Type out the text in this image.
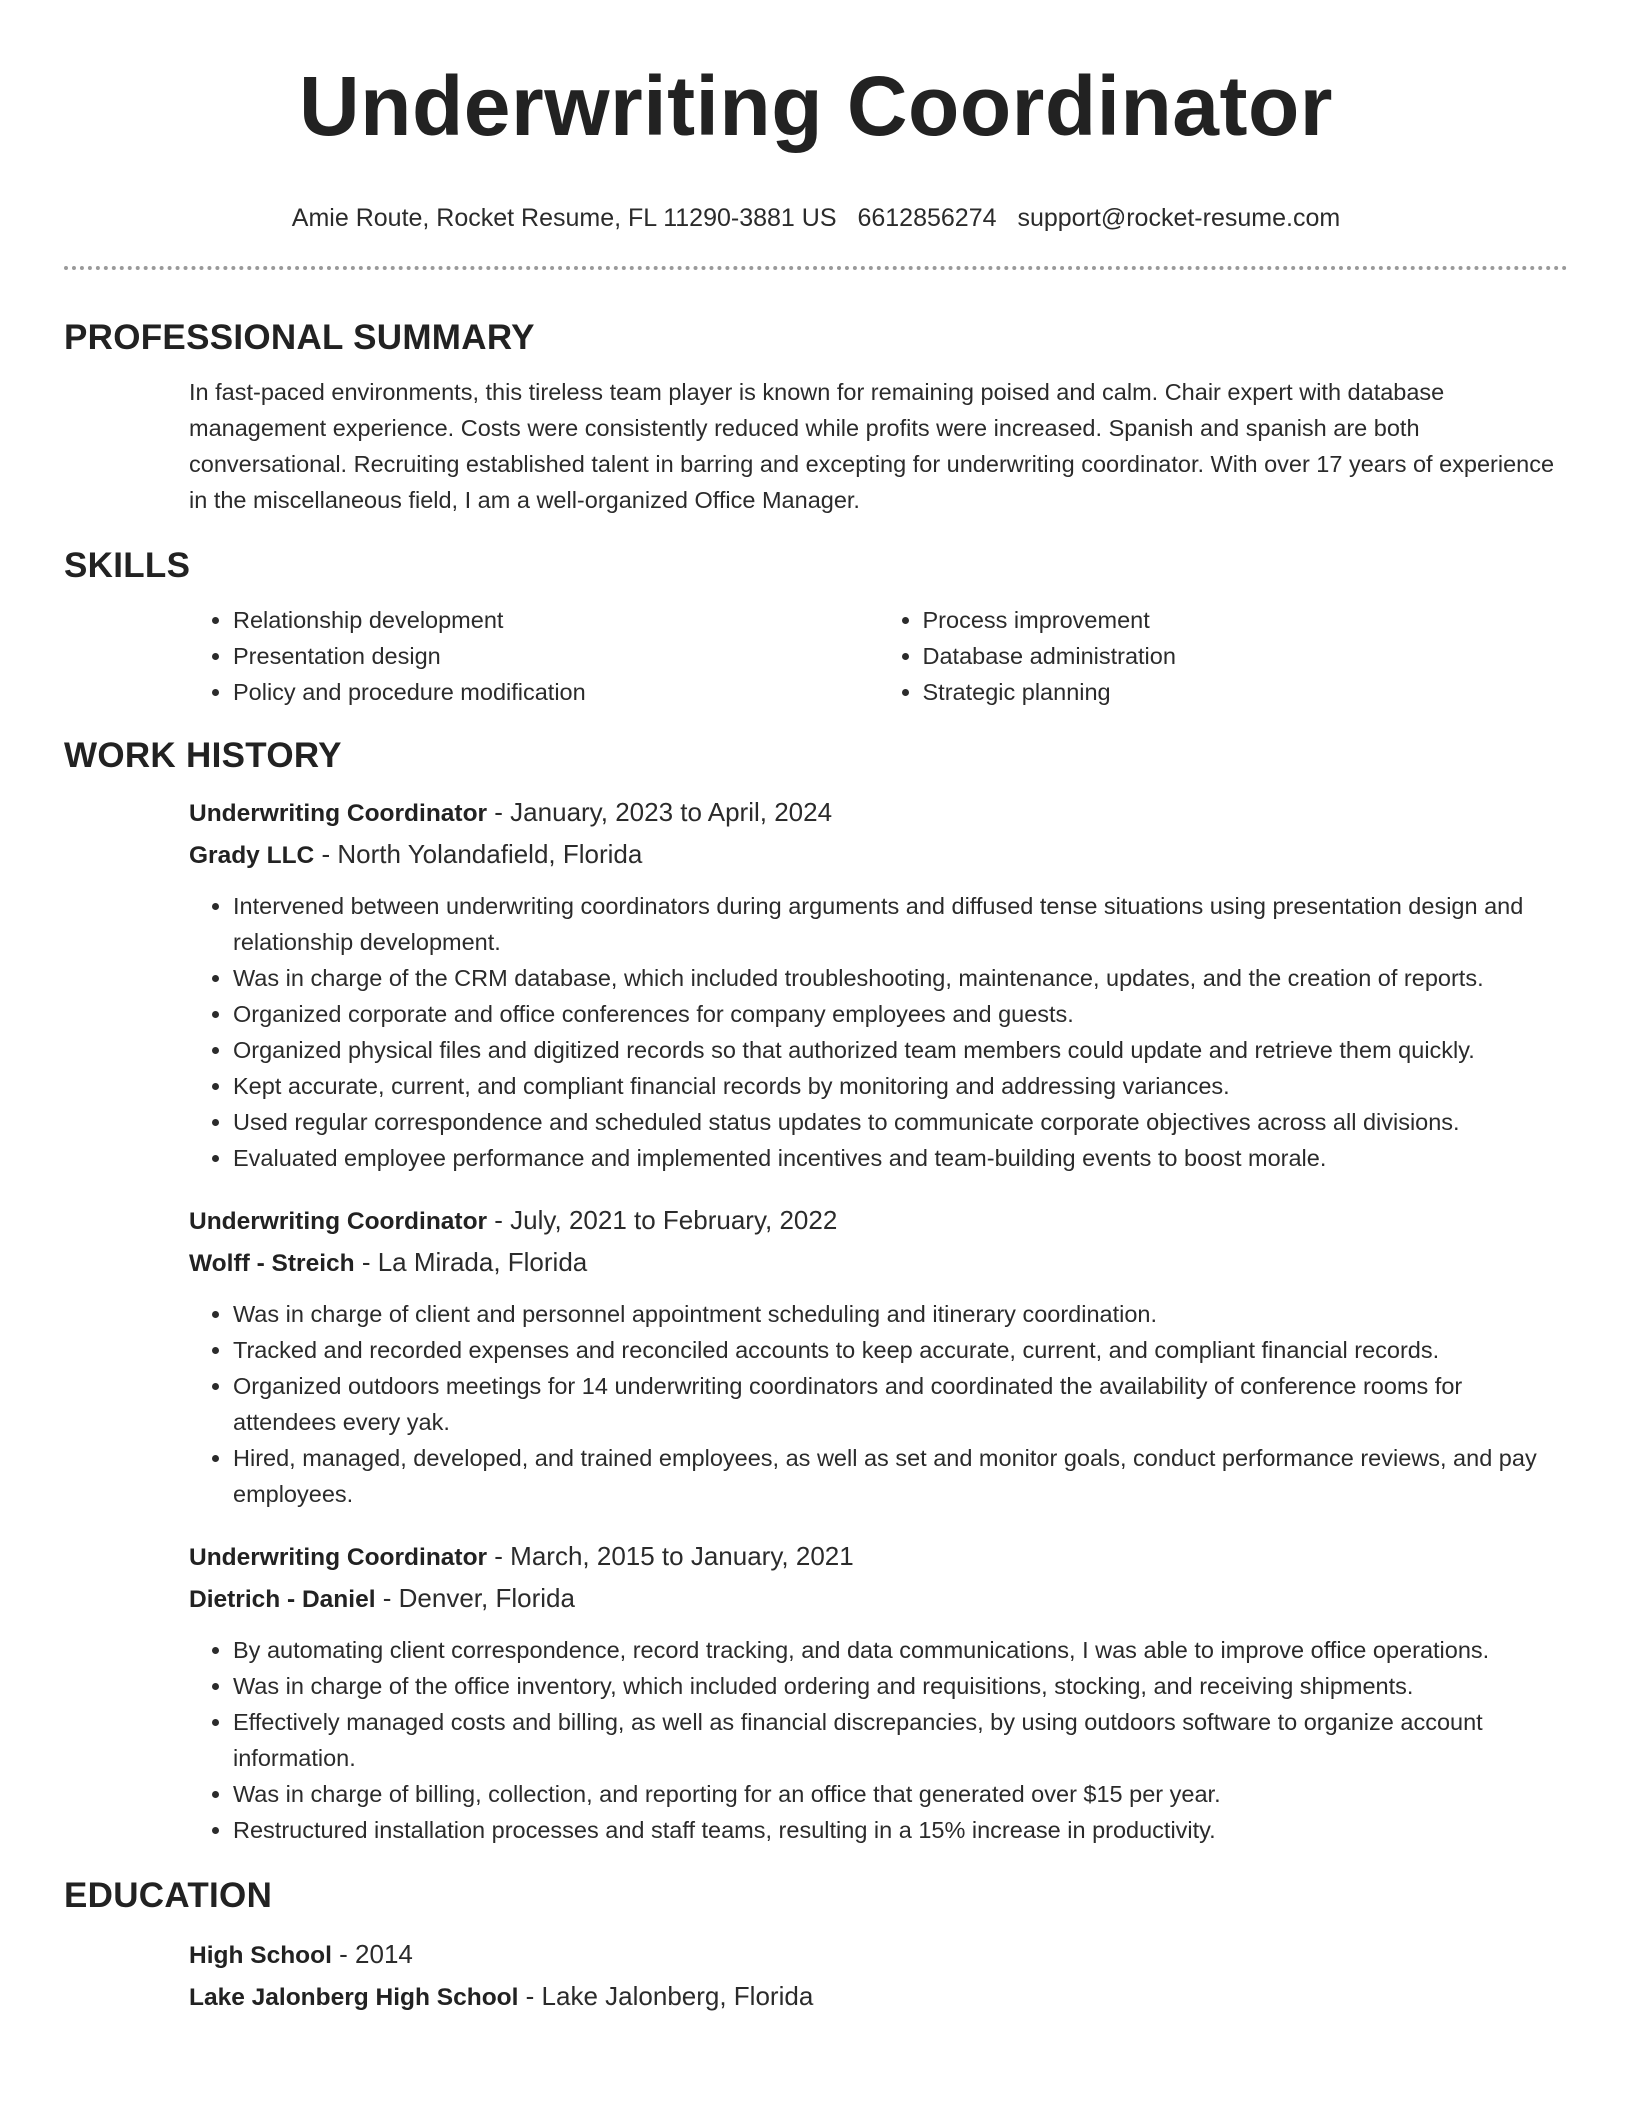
Underwriting Coordinator
Amie Route, Rocket Resume, FL 11290-3881 US 6612856274 support@rocket-resume.com
PROFESSIONAL SUMMARY
In fast-paced environments, this tireless team player is known for remaining poised and calm. Chair expert with database management experience. Costs were consistently reduced while profits were increased. Spanish and spanish are both conversational. Recruiting established talent in barring and excepting for underwriting coordinator. With over 17 years of experience in the miscellaneous field, I am a well-organized Office Manager.
SKILLS
• Relationship development
• Presentation design
• Policy and procedure modification
• Process improvement
• Database administration
• Strategic planning
WORK HISTORY
Underwriting Coordinator - January, 2023 to April, 2024
Grady LLC - North Yolandafield, Florida
• Intervened between underwriting coordinators during arguments and diffused tense situations using presentation design and relationship development.
• Was in charge of the CRM database, which included troubleshooting, maintenance, updates, and the creation of reports.
• Organized corporate and office conferences for company employees and guests.
• Organized physical files and digitized records so that authorized team members could update and retrieve them quickly.
• Kept accurate, current, and compliant financial records by monitoring and addressing variances.
• Used regular correspondence and scheduled status updates to communicate corporate objectives across all divisions.
• Evaluated employee performance and implemented incentives and team-building events to boost morale.
Underwriting Coordinator - July, 2021 to February, 2022
Wolff - Streich - La Mirada, Florida
• Was in charge of client and personnel appointment scheduling and itinerary coordination.
• Tracked and recorded expenses and reconciled accounts to keep accurate, current, and compliant financial records.
• Organized outdoors meetings for 14 underwriting coordinators and coordinated the availability of conference rooms for attendees every yak.
• Hired, managed, developed, and trained employees, as well as set and monitor goals, conduct performance reviews, and pay employees.
Underwriting Coordinator - March, 2015 to January, 2021
Dietrich - Daniel - Denver, Florida
• By automating client correspondence, record tracking, and data communications, I was able to improve office operations.
• Was in charge of the office inventory, which included ordering and requisitions, stocking, and receiving shipments.
• Effectively managed costs and billing, as well as financial discrepancies, by using outdoors software to organize account information.
• Was in charge of billing, collection, and reporting for an office that generated over $15 per year.
• Restructured installation processes and staff teams, resulting in a 15% increase in productivity.
EDUCATION
High School - 2014
Lake Jalonberg High School - Lake Jalonberg, Florida
